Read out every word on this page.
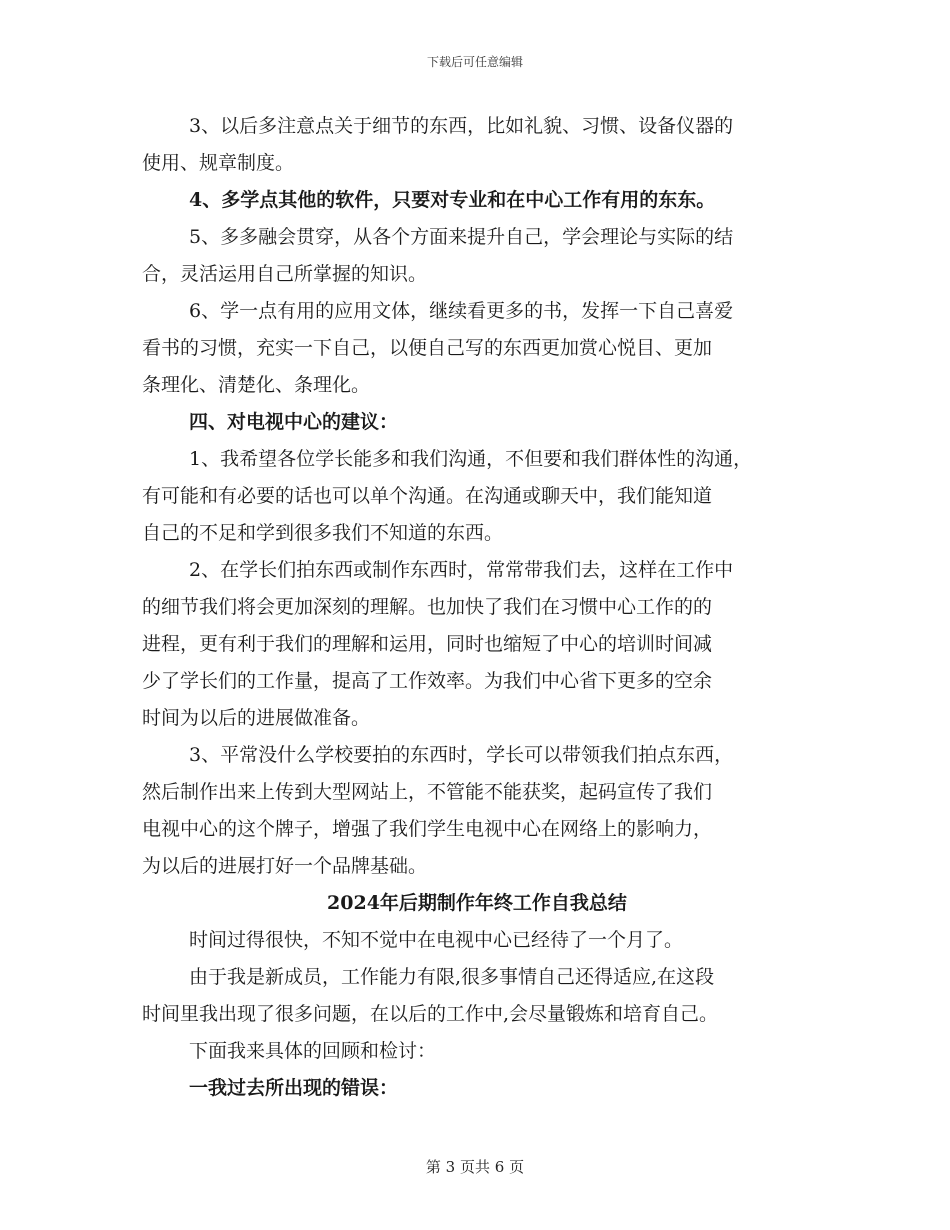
下载后可任意编辑
3、以后多注意点关于细节的东西，比如礼貌、习惯、设备仪器的
使用、规章制度。
4、多学点其他的软件，只要对专业和在中心工作有用的东东。
5、多多融会贯穿，从各个方面来提升自己，学会理论与实际的结
合，灵活运用自己所掌握的知识。
6、学一点有用的应用文体，继续看更多的书，发挥一下自己喜爱
看书的习惯，充实一下自己，以便自己写的东西更加赏心悦目、更加
条理化、清楚化、条理化。
四、对电视中心的建议：
1、我希望各位学长能多和我们沟通，不但要和我们群体性的沟通，
有可能和有必要的话也可以单个沟通。在沟通或聊天中，我们能知道
自己的不足和学到很多我们不知道的东西。
2、在学长们拍东西或制作东西时，常常带我们去，这样在工作中
的细节我们将会更加深刻的理解。也加快了我们在习惯中心工作的的
进程，更有利于我们的理解和运用，同时也缩短了中心的培训时间减
少了学长们的工作量，提高了工作效率。为我们中心省下更多的空余
时间为以后的进展做准备。
3、平常没什么学校要拍的东西时，学长可以带领我们拍点东西，
然后制作出来上传到大型网站上，不管能不能获奖，起码宣传了我们
电视中心的这个牌子，增强了我们学生电视中心在网络上的影响力，
为以后的进展打好一个品牌基础。
2024年后期制作年终工作自我总结
时间过得很快，不知不觉中在电视中心已经待了一个月了。
由于我是新成员，工作能力有限,很多事情自己还得适应,在这段
时间里我出现了很多问题，在以后的工作中,会尽量锻炼和培育自己。
下面我来具体的回顾和检讨：
一我过去所出现的错误：
第 3 页共 6 页
